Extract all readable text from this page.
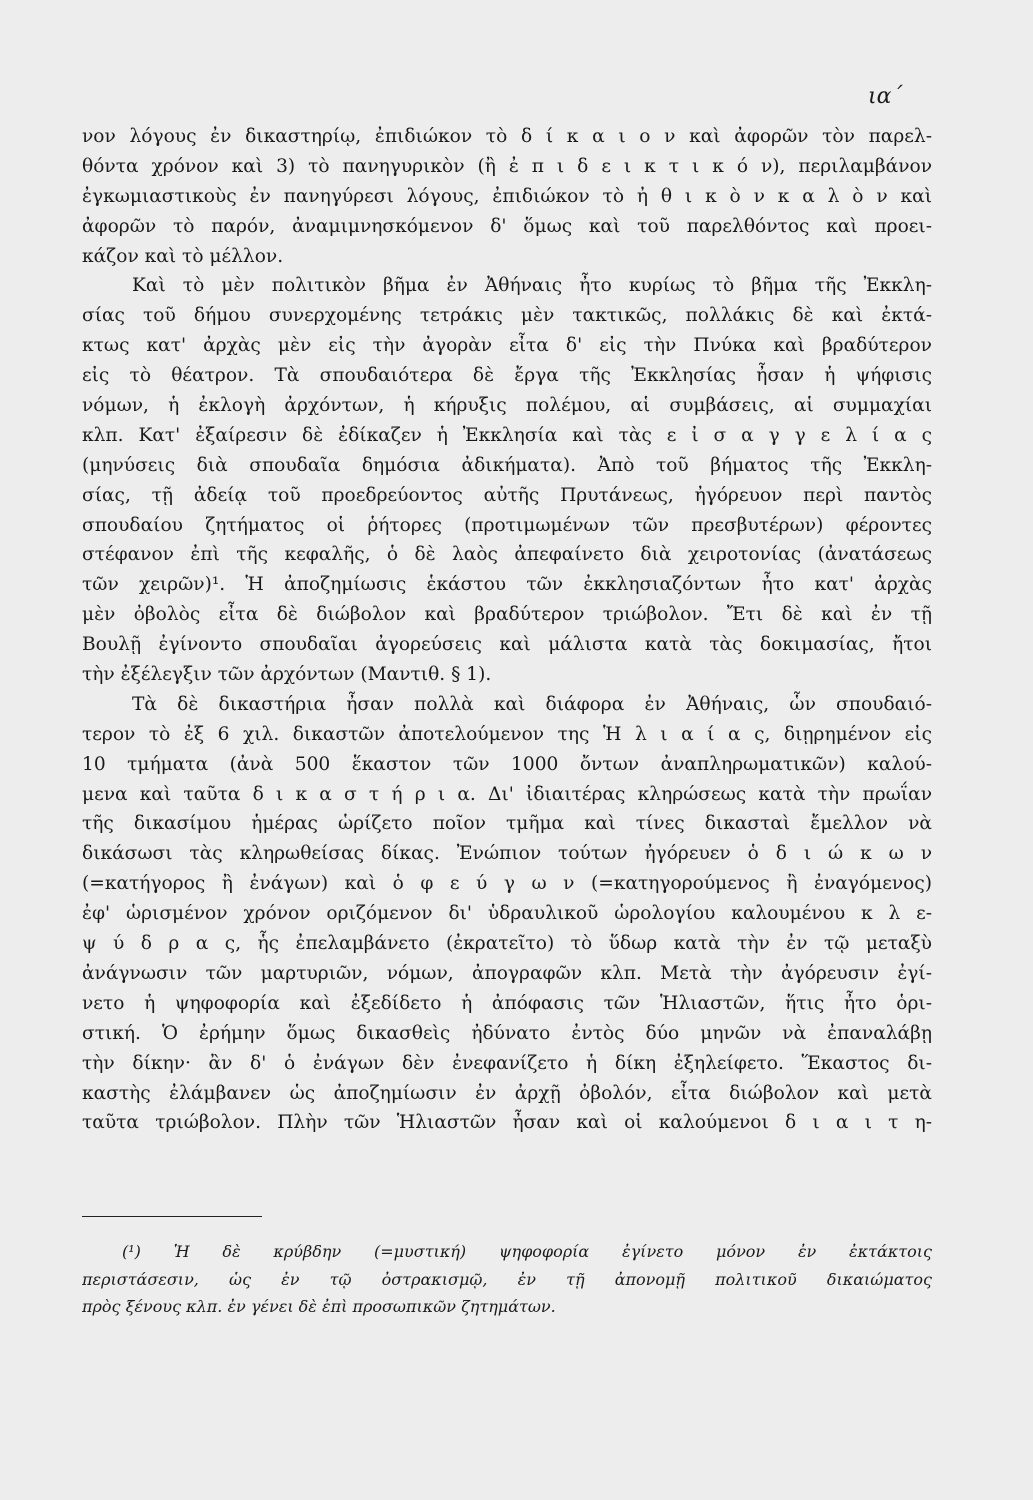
ια΄
νον λόγους ἐν δικαστηρίῳ, ἐπιδιώκον τὸ δ ί κ α ι ο ν καὶ ἀφορῶν τὸν παρελ-
θόντα χρόνον καὶ 3) τὸ πανηγυρικὸν (ἢ ἐ π ι δ ε ι κ τ ι κ ό ν), περιλαμβάνον
ἐγκωμιαστικοὺς ἐν πανηγύρεσι λόγους, ἐπιδιώκον τὸ ἠ θ ι κ ὸ ν κ α λ ὸ ν καὶ
ἀφορῶν τὸ παρόν, ἀναμιμνησκόμενον δ' ὅμως καὶ τοῦ παρελθόντος καὶ προει-
κάζον καὶ τὸ μέλλον.
Καὶ τὸ μὲν πολιτικὸν βῆμα ἐν Ἀθήναις ἦτο κυρίως τὸ βῆμα τῆς Ἐκκλη-
σίας τοῦ δήμου συνερχομένης τετράκις μὲν τακτικῶς, πολλάκις δὲ καὶ ἐκτά-
κτως κατ' ἀρχὰς μὲν εἰς τὴν ἀγορὰν εἶτα δ' εἰς τὴν Πνύκα καὶ βραδύτερον
εἰς τὸ θέατρον. Τὰ σπουδαιότερα δὲ ἔργα τῆς Ἐκκλησίας ἦσαν ἡ ψήφισις
νόμων, ἡ ἐκλογὴ ἀρχόντων, ἡ κήρυξις πολέμου, αἱ συμβάσεις, αἱ συμμαχίαι
κλπ. Κατ' ἐξαίρεσιν δὲ ἐδίκαζεν ἡ Ἐκκλησία καὶ τὰς ε ἰ σ α γ γ ε λ ί α ς
(μηνύσεις διὰ σπουδαῖα δημόσια ἀδικήματα). Ἀπὸ τοῦ βήματος τῆς Ἐκκλη-
σίας, τῇ ἀδείᾳ τοῦ προεδρεύοντος αὐτῆς Πρυτάνεως, ἠγόρευον περὶ παντὸς
σπουδαίου ζητήματος οἱ ῥήτορες (προτιμωμένων τῶν πρεσβυτέρων) φέροντες
στέφανον ἐπὶ τῆς κεφαλῆς, ὁ δὲ λαὸς ἀπεφαίνετο διὰ χειροτονίας (ἀνατάσεως
τῶν χειρῶν)¹. Ἡ ἀποζημίωσις ἑκάστου τῶν ἐκκλησιαζόντων ἦτο κατ' ἀρχὰς
μὲν ὀβολὸς εἶτα δὲ διώβολον καὶ βραδύτερον τριώβολον. Ἔτι δὲ καὶ ἐν τῇ
Βουλῇ ἐγίνοντο σπουδαῖαι ἀγορεύσεις καὶ μάλιστα κατὰ τὰς δοκιμασίας, ἤτοι
τὴν ἐξέλεγξιν τῶν ἀρχόντων (Μαντιθ. § 1).
Τὰ δὲ δικαστήρια ἦσαν πολλὰ καὶ διάφορα ἐν Ἀθήναις, ὧν σπουδαιό-
τερον τὸ ἐξ 6 χιλ. δικαστῶν ἀποτελούμενον της Ἡ λ ι α ί α ς, διῃρημένον εἰς
10 τμήματα (ἀνὰ 500 ἕκαστον τῶν 1000 ὄντων ἀναπληρωματικῶν) καλού-
μενα καὶ ταῦτα δ ι κ α σ τ ή ρ ι α. Δι' ἰδιαιτέρας κληρώσεως κατὰ τὴν πρωΐαν
τῆς δικασίμου ἡμέρας ὡρίζετο ποῖον τμῆμα καὶ τίνες δικασταὶ ἔμελλον νὰ
δικάσωσι τὰς κληρωθείσας δίκας. Ἐνώπιον τούτων ἠγόρευεν ὁ δ ι ώ κ ω ν
(=κατήγορος ἢ ἐνάγων) καὶ ὁ φ ε ύ γ ω ν (=κατηγορούμενος ἢ ἐναγόμενος)
ἐφ' ὡρισμένον χρόνον οριζόμενον δι' ὑδραυλικοῦ ὡρολογίου καλουμένου κ λ ε-
ψ ύ δ ρ α ς, ἧς ἐπελαμβάνετο (ἐκρατεῖτο) τὸ ὕδωρ κατὰ τὴν ἐν τῷ μεταξὺ
ἀνάγνωσιν τῶν μαρτυριῶν, νόμων, ἀπογραφῶν κλπ. Μετὰ τὴν ἀγόρευσιν ἐγί-
νετο ἡ ψηφοφορία καὶ ἐξεδίδετο ἡ ἀπόφασις τῶν Ἡλιαστῶν, ἥτις ἦτο ὁρι-
στική. Ὁ ἐρήμην ὅμως δικασθεὶς ἠδύνατο ἐντὸς δύο μηνῶν νὰ ἐπαναλάβῃ
τὴν δίκην· ἂν δ' ὁ ἐνάγων δὲν ἐνεφανίζετο ἡ δίκη ἐξηλείφετο. Ἕκαστος δι-
καστὴς ἐλάμβανεν ὡς ἀποζημίωσιν ἐν ἀρχῇ ὀβολόν, εἶτα διώβολον καὶ μετὰ
ταῦτα τριώβολον. Πλὴν τῶν Ἡλιαστῶν ἦσαν καὶ οἱ καλούμενοι δ ι α ι τ η-
(¹) Ἡ δὲ κρύβδην (=μυστική) ψηφοφορία ἐγίνετο μόνον ἐν ἐκτάκτοις
περιστάσεσιν, ὡς ἐν τῷ ὀστρακισμῷ, ἐν τῇ ἀπονομῇ πολιτικοῦ δικαιώματος
πρὸς ξένους κλπ. ἐν γένει δὲ ἐπὶ προσωπικῶν ζητημάτων.
